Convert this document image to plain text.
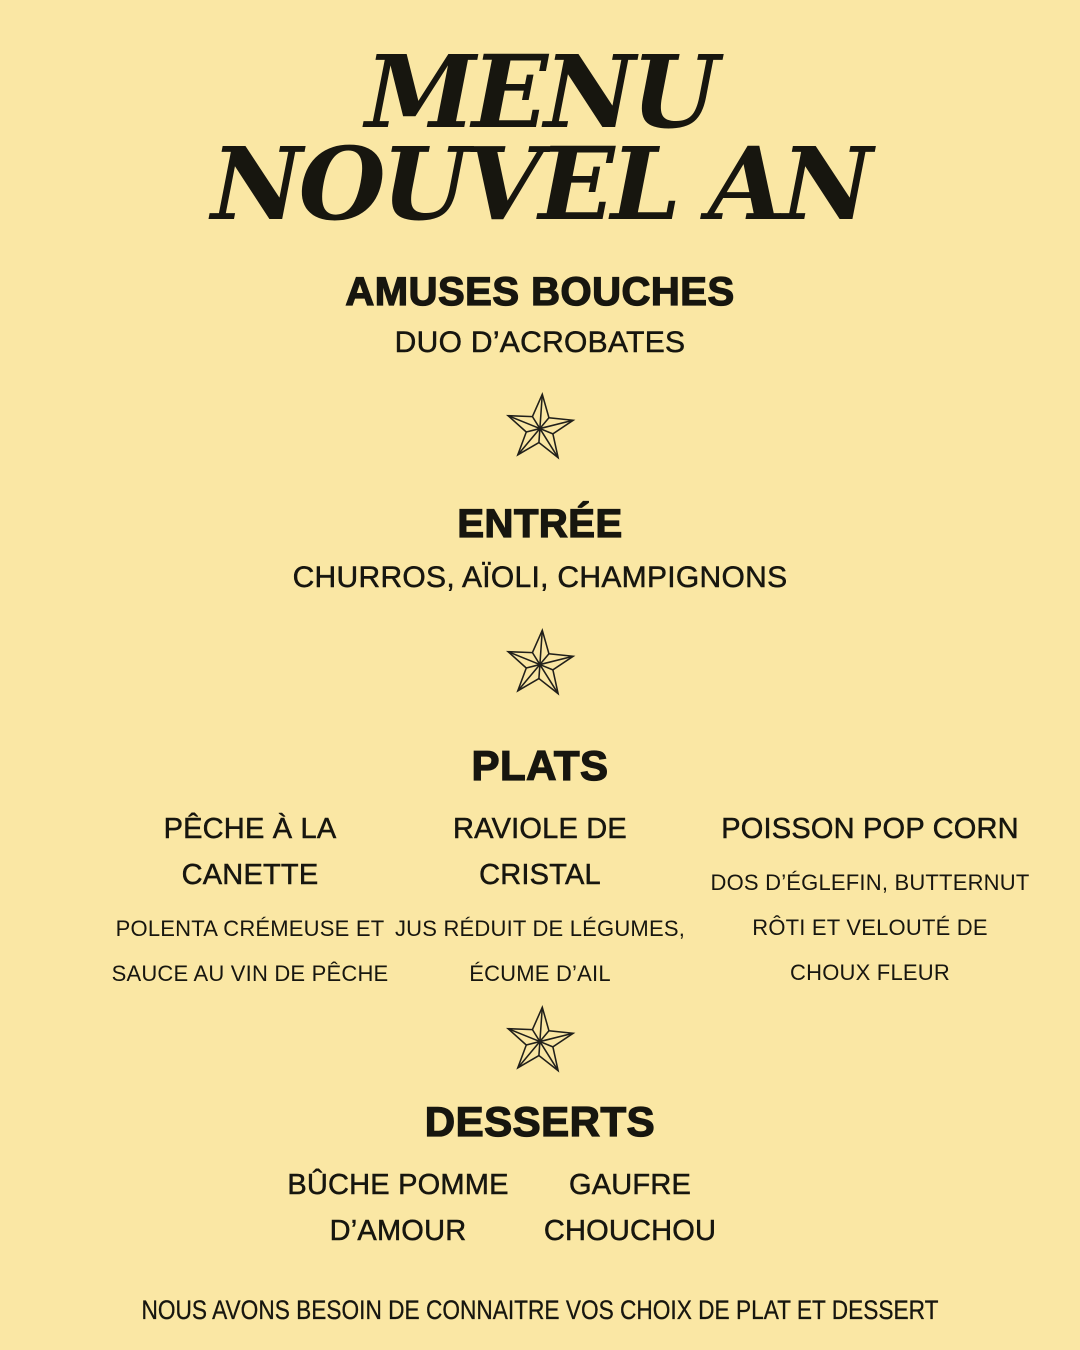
MENU
NOUVEL AN
AMUSES BOUCHES
DUO D’ACROBATES
ENTRÉE
CHURROS, AÏOLI, CHAMPIGNONS
PLATS
PÊCHE À LA
CANETTE
POLENTA CRÉMEUSE ET
SAUCE AU VIN DE PÊCHE
RAVIOLE DE
CRISTAL
JUS RÉDUIT DE LÉGUMES,
ÉCUME D’AIL
POISSON POP CORN
DOS D’ÉGLEFIN, BUTTERNUT
RÔTI ET VELOUTÉ DE
CHOUX FLEUR
DESSERTS
BÛCHE POMME
D’AMOUR
GAUFRE
CHOUCHOU
NOUS AVONS BESOIN DE CONNAITRE VOS CHOIX DE PLAT ET DESSERT
